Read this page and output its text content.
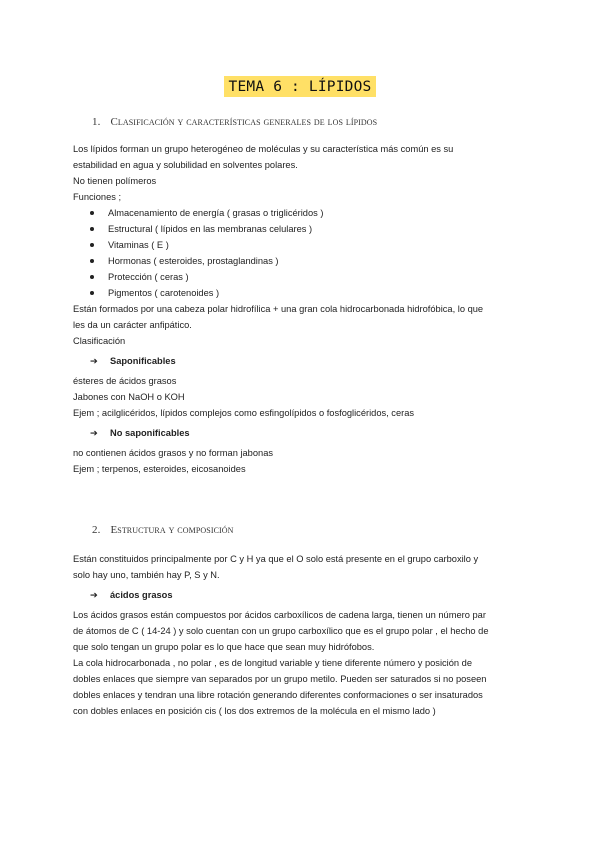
TEMA 6 : LÍPIDOS
1. Clasificación y características generales de los lípidos

Los lípidos forman un grupo heterogéneo de moléculas y su característica más común es su

estabilidad en agua y solubilidad en solventes polares.

No tienen polímeros

Funciones ;

Almacenamiento de energía ( grasas o triglicéridos )
Estructural ( lípidos en las membranas celulares )
Vitaminas ( E )
Hormonas ( esteroides, prostaglandinas )
Protección ( ceras )
Pigmentos ( carotenoides )

Están formados por una cabeza polar hidrofílica + una gran cola hidrocarbonada hidrofóbica, lo que

les da un carácter anfipático.

Clasificación

➔ Saponificables

ésteres de ácidos grasos

Jabones con NaOH o KOH

Ejem ; acilglicéridos, lípidos complejos como esfingolípidos o fosfoglicéridos, ceras

➔ No saponificables

no contienen ácidos grasos y no forman jabonas

Ejem ; terpenos, esteroides, eicosanoides

2. Estructura y composición

Están constituidos principalmente por C y H ya que el O solo está presente en el grupo carboxilo y

solo hay uno, también hay P, S y N.

➔ ácidos grasos

Los ácidos grasos están compuestos por ácidos carboxílicos de cadena larga, tienen un número par

de átomos de C ( 14-24 ) y solo cuentan con un grupo carboxílico que es el grupo polar , el hecho de

que solo tengan un grupo polar es lo que hace que sean muy hidrófobos.

La cola hidrocarbonada , no polar , es de longitud variable y tiene diferente número y posición de

dobles enlaces que siempre van separados por un grupo metilo. Pueden ser saturados si no poseen

dobles enlaces y tendran una libre rotación generando diferentes conformaciones o ser insaturados

con dobles enlaces en posición cis ( los dos extremos de la molécula en el mismo lado )
